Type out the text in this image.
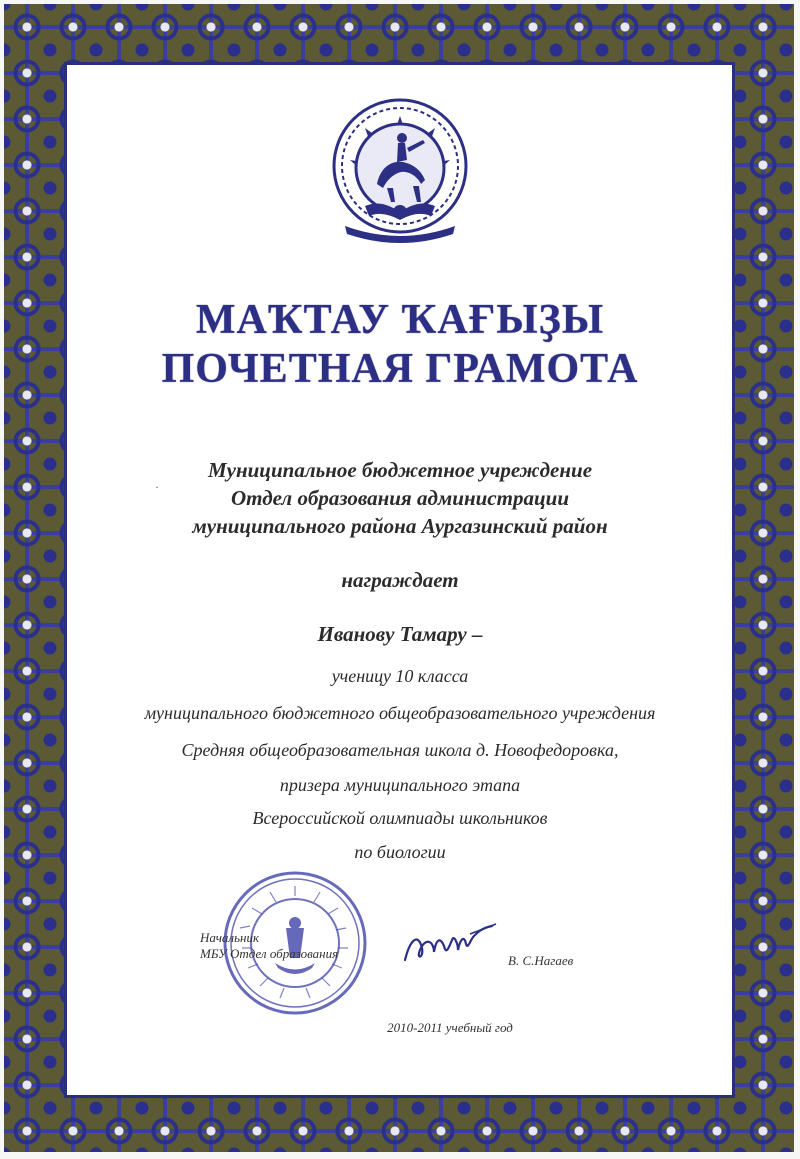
МАҠТАУ ҠАҒЫҘЫ
ПОЧЕТНАЯ ГРАМОТА
·
Муниципальное бюджетное учреждение
Отдел образования администрации
муниципального района Аургазинский район
награждает
Иванову Тамару –
ученицу 10 класса
муниципального бюджетного общеобразовательного учреждения
Средняя общеобразовательная школа д. Новофедоровка,
призера муниципального этапа
Всероссийской олимпиады школьников
по биологии
Начальник
МБУ Отдел образования	В. С.Нагаев
2010-2011 учебный год
